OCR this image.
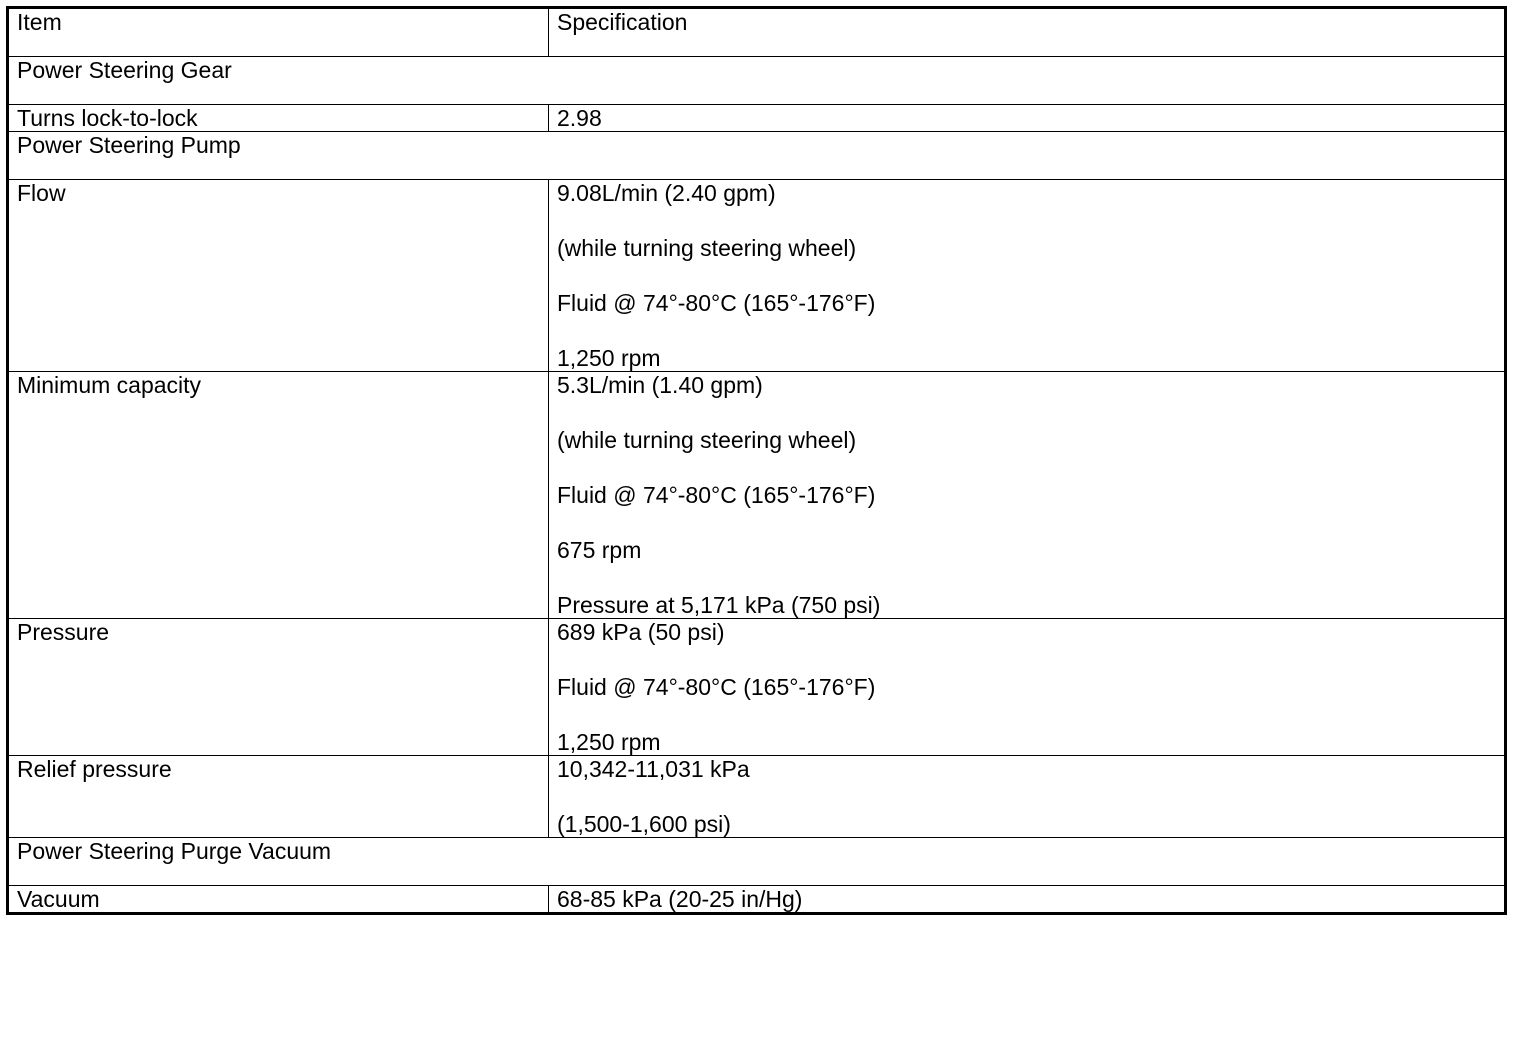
Item	Specification
Power Steering Gear	
Turns lock-to-lock	2.98

Power Steering Pump	
Flow	9.08L/min (2.40 gpm)
(while turning steering wheel)
Fluid @ 74°-80°C (165°-176°F)
1,250 rpm

Minimum capacity	5.3L/min (1.40 gpm)
(while turning steering wheel)
Fluid @ 74°-80°C (165°-176°F)
675 rpm
Pressure at 5,171 kPa (750 psi)

Pressure	689 kPa (50 psi)
Fluid @ 74°-80°C (165°-176°F)
1,250 rpm

Relief pressure	10,342-11,031 kPa
(1,500-1,600 psi)

Power Steering Purge Vacuum	
Vacuum	68-85 kPa (20-25 in/Hg)
